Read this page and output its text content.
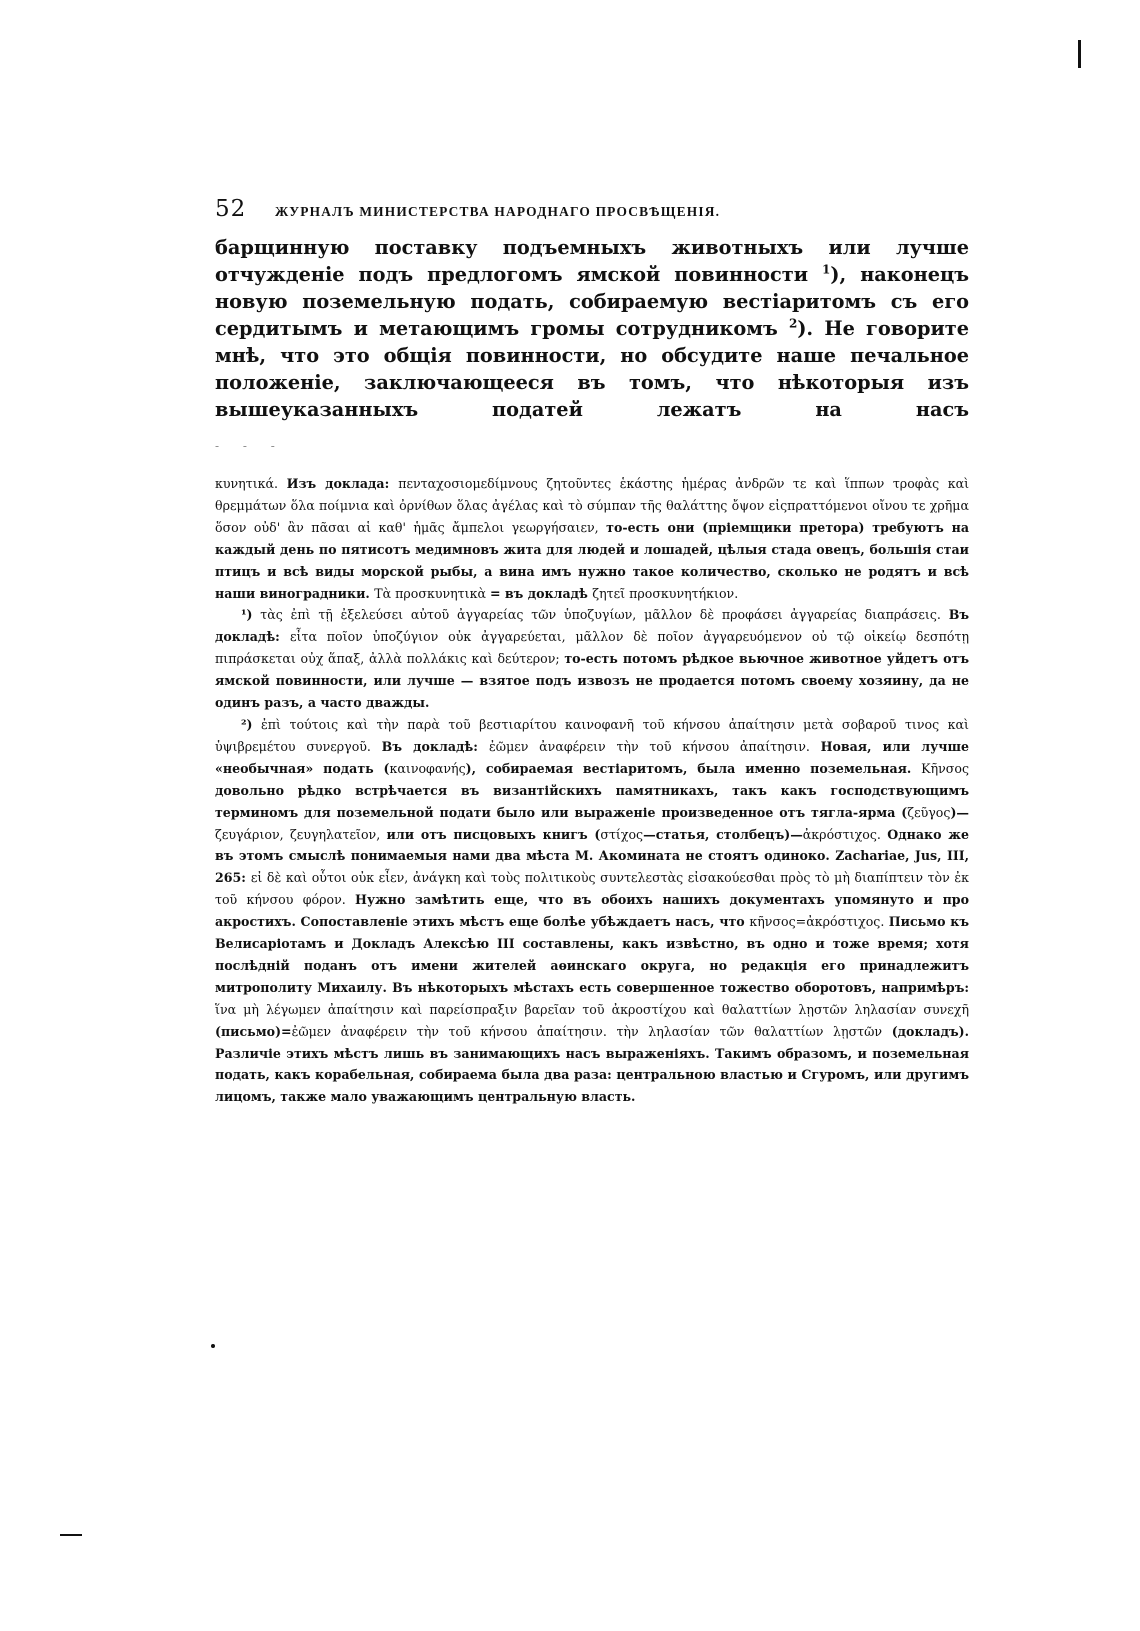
52	ЖУРНАЛЪ МИНИСТЕРСТВА НАРОДНАГО ПРОСВѢЩЕНІЯ.

барщинную поставку подъемныхъ животныхъ или лучше отчужденіе подъ предлогомъ ямской повинности $^1$), наконецъ новую поземельную подать, собираемую вестіаритомъ съ его сердитымъ и метающимъ громы сотрудникомъ $^2$). Не говорите мнѣ, что это общія повинности, но обсудите наше печальное положеніе, заключающееся въ томъ, что нѣкоторыя изъ вышеуказанныхъ податей лежатъ на насъ

- - -

κυνητικά. Изъ доклада: πενταχοσιομεδίμνους ζητοῦντες ἑκάστης ἡμέρας ἀνδρῶν τε καὶ ἵππων τροφὰς καὶ θρεμμάτων ὅλα ποίμνια καὶ ὀρνίθων ὅλας ἀγέλας καὶ τὸ σύμπαν τῆς θαλάττης ὄψον εἰςπραττόμενοι οἴνου τε χρῆμα ὅσον οὐδ' ἂν πᾶσαι αἱ καθ' ἡμᾶς ἄμπελοι γεωργήσαιεν, то-есть они (пріемщики претора) требуютъ на каждый день по пятисотъ медимновъ жита для людей и лошадей, цѣлыя стада овецъ, большія стаи птицъ и всѣ виды морской рыбы, а вина имъ нужно такое количество, сколько не родятъ и всѣ наши виноградники. Τὰ προσκυνητικὰ = въ докладѣ ζητεῖ προσκυνητήκιον.

¹) τὰς ἐπὶ τῇ ἐξελεύσει αὐτοῦ ἀγγαρείας τῶν ὑποζυγίων, μᾶλλον δὲ προφάσει ἀγγαρείας διαπράσεις. Въ докладѣ: εἶτα ποῖον ὑποζύγιον οὐκ ἀγγαρεύεται, μᾶλλον δὲ ποῖον ἀγγαρευόμενον οὐ τῷ οἰκείῳ δεσπότῃ πιπράσκεται οὐχ ἅπαξ, ἀλλὰ πολλάκις καὶ δεύτερον; то-есть потомъ рѣдкое вьючное животное уйдетъ отъ ямской повинности, или лучше — взятое подъ извозъ не продается потомъ своему хозяину, да не одинъ разъ, а часто дважды.

²) ἐπὶ τούτοις καὶ τὴν παρὰ τοῦ βεστιαρίτου καινοφανῆ τοῦ κήνσου ἀπαίτησιν μετὰ σοβαροῦ τινος καὶ ὑψιβρεμέτου συνεργοῦ. Въ докладѣ: ἐῶμεν ἀναφέρειν τὴν τοῦ κήνσου ἀπαίτησιν. Новая, или лучше «необычная» подать (καινοφανής), собираемая вестіаритомъ, была именно поземельная. Κῆνσος довольно рѣдко встрѣчается въ византійскихъ памятникахъ, такъ какъ господствующимъ терминомъ для поземельной подати было или выраженіе произведенное отъ тягла-ярма (ζεῦγος)—ζευγάριον, ζευγηλατεῖον, или отъ писцовыхъ книгъ (στίχος—статья, столбецъ)—ἀκρόστιχος. Однако же въ этомъ смыслѣ понимаемыя нами два мѣста М. Акомината не стоятъ одиноко. Zachariae, Jus, III, 265: εἰ δὲ καὶ οὗτοι οὐκ εἶεν, ἀνάγκη καὶ τοὺς πολιτικοὺς συντελεστὰς εἰσακούεσθαι πρὸς τὸ μὴ διαπίπτειν τὸν ἐκ τοῦ κήνσου φόρον. Нужно замѣтить еще, что въ обоихъ нашихъ документахъ упомянуто и про акростихъ. Сопоставленіе этихъ мѣстъ еще болѣе убѣждаетъ насъ, что κῆνσος=ἀκρόστιχος. Письмо къ Велисаріотамъ и Докладъ Алексѣю III составлены, какъ извѣстно, въ одно и тоже время; хотя послѣдній поданъ отъ имени жителей аѳинскаго округа, но редакція его принадлежитъ митрополиту Михаилу. Въ нѣкоторыхъ мѣстахъ есть совершенное тожество оборотовъ, напримѣръ: ἵνα μὴ λέγωμεν ἀπαίτησιν καὶ παρείσπραξιν βαρεῖαν τοῦ ἀκροστίχου καὶ θαλαττίων λῃστῶν ληλασίαν συνεχῆ (письмо)=ἐῶμεν ἀναφέρειν τὴν τοῦ κήνσου ἀπαίτησιν. τὴν ληλασίαν τῶν θαλαττίων λῃστῶν (докладъ). Различіе этихъ мѣстъ лишь въ занимающихъ насъ выраженіяхъ. Такимъ образомъ, и поземельная подать, какъ корабельная, собираема была два раза: центральною властью и Сгуромъ, или другимъ лицомъ, также мало уважающимъ центральную власть.
